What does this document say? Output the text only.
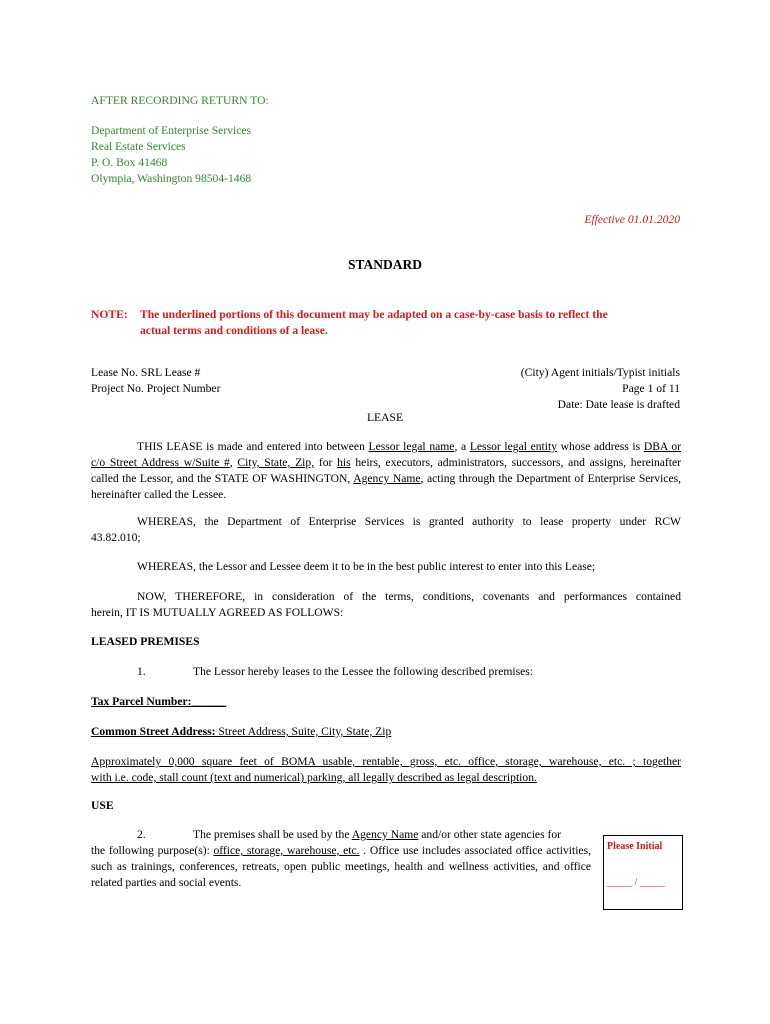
AFTER RECORDING RETURN TO:
Department of Enterprise Services
Real Estate Services
P. O. Box 41468
Olympia, Washington 98504-1468
Effective 01.01.2020
STANDARD
NOTE: The underlined portions of this document may be adapted on a case-by-case basis to reflect the
actual terms and conditions of a lease.
Lease No. SRL Lease #
Project No. Project Number
(City) Agent initials/Typist initials
Page 1 of 11
Date: Date lease is drafted
LEASE
THIS LEASE is made and entered into between Lessor legal name, a Lessor legal entity whose address is DBA or c/o Street Address w/Suite #, City, State, Zip, for his heirs, executors, administrators, successors, and assigns, hereinafter called the Lessor, and the STATE OF WASHINGTON, Agency Name, acting through the Department of Enterprise Services, hereinafter called the Lessee.
WHEREAS, the Department of Enterprise Services is granted authority to lease property under RCW
43.82.010;
WHEREAS, the Lessor and Lessee deem it to be in the best public interest to enter into this Lease;
NOW, THEREFORE, in consideration of the terms, conditions, covenants and performances contained
herein, IT IS MUTUALLY AGREED AS FOLLOWS:
LEASED PREMISES
1.	The Lessor hereby leases to the Lessee the following described premises:
Tax Parcel Number:______
Common Street Address: Street Address, Suite, City, State, Zip
Approximately 0,000 square feet of BOMA usable, rentable, gross, etc. office, storage, warehouse, etc. ; together
with i.e. code, stall count (text and numerical) parking, all legally described as legal description.
USE
2.	The premises shall be used by the Agency Name and/or other state agencies for
the following purpose(s): office, storage, warehouse, etc. . Office use includes associated office activities, such as trainings, conferences, retreats, open public meetings, health and wellness activities, and office related parties and social events.
Please Initial
_____ / _____
